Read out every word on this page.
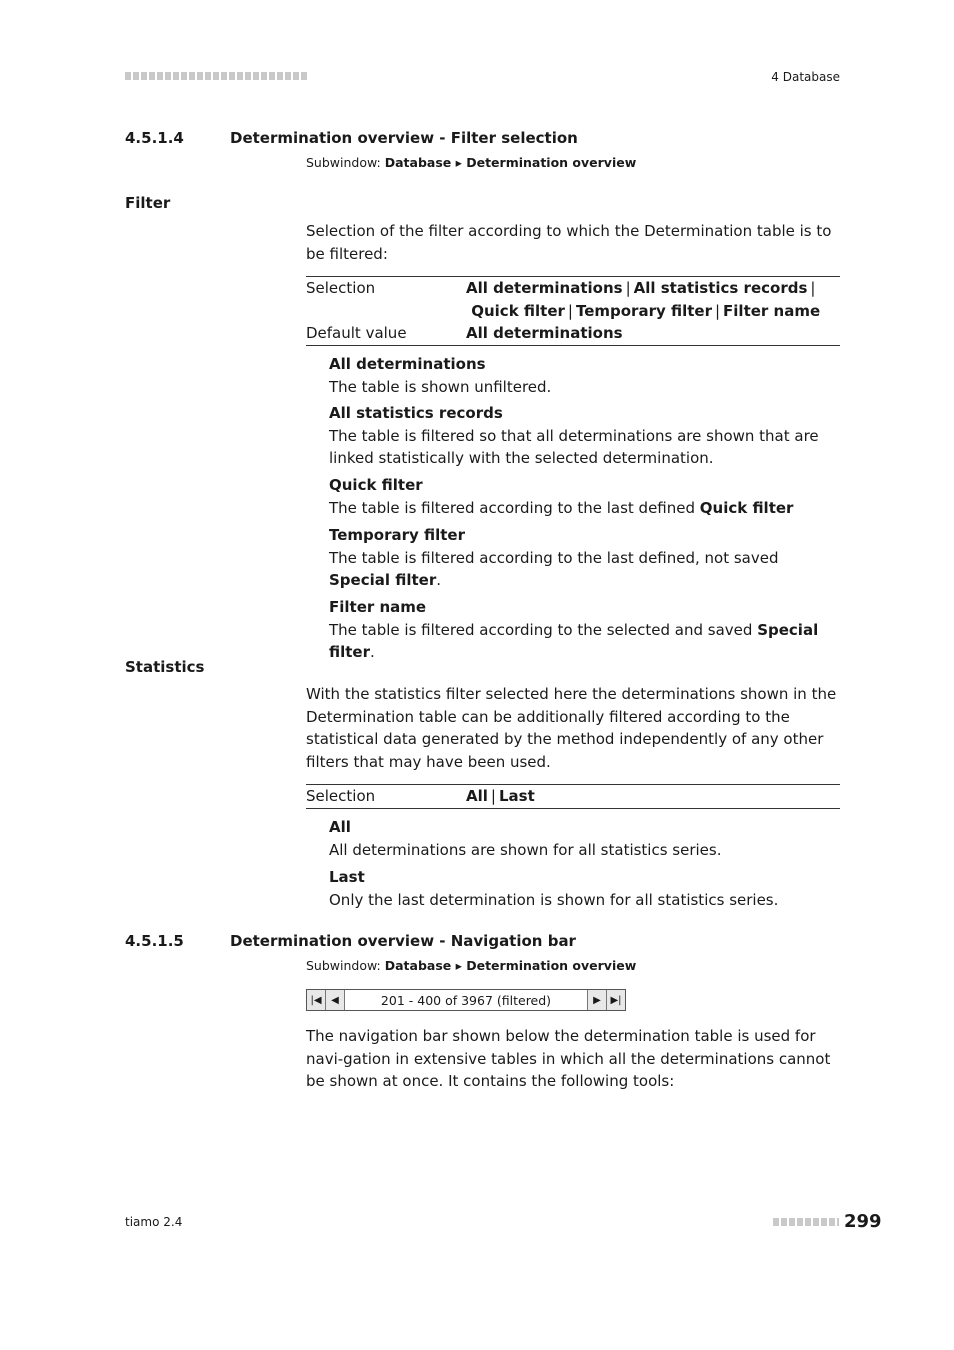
4 Database
4.5.1.4	Determination overview - Filter selection
Subwindow: Database ▸ Determination overview
Filter
Selection of the filter according to which the Determination table is to be filtered:
Selection	All determinations | All statistics records |
Quick filter | Temporary filter | Filter name
Default value	All determinations
All determinations
The table is shown unfiltered.
All statistics records
The table is filtered so that all determinations are shown that are linked statistically with the selected determination.
Quick filter
The table is filtered according to the last defined Quick filter
Temporary filter
The table is filtered according to the last defined, not saved Special filter.
Filter name
The table is filtered according to the selected and saved Special filter.
Statistics
With the statistics filter selected here the determinations shown in the Determination table can be additionally filtered according to the statistical data generated by the method independently of any other filters that may have been used.
Selection	All | Last
All
All determinations are shown for all statistics series.
Last
Only the last determination is shown for all statistics series.
4.5.1.5	Determination overview - Navigation bar
Subwindow: Database ▸ Determination overview
|◀ ◀	201 - 400 of 3967 (filtered)	▶ ▶|
The navigation bar shown below the determination table is used for navi-gation in extensive tables in which all the determinations cannot be shown at once. It contains the following tools:
tiamo 2.4	299
